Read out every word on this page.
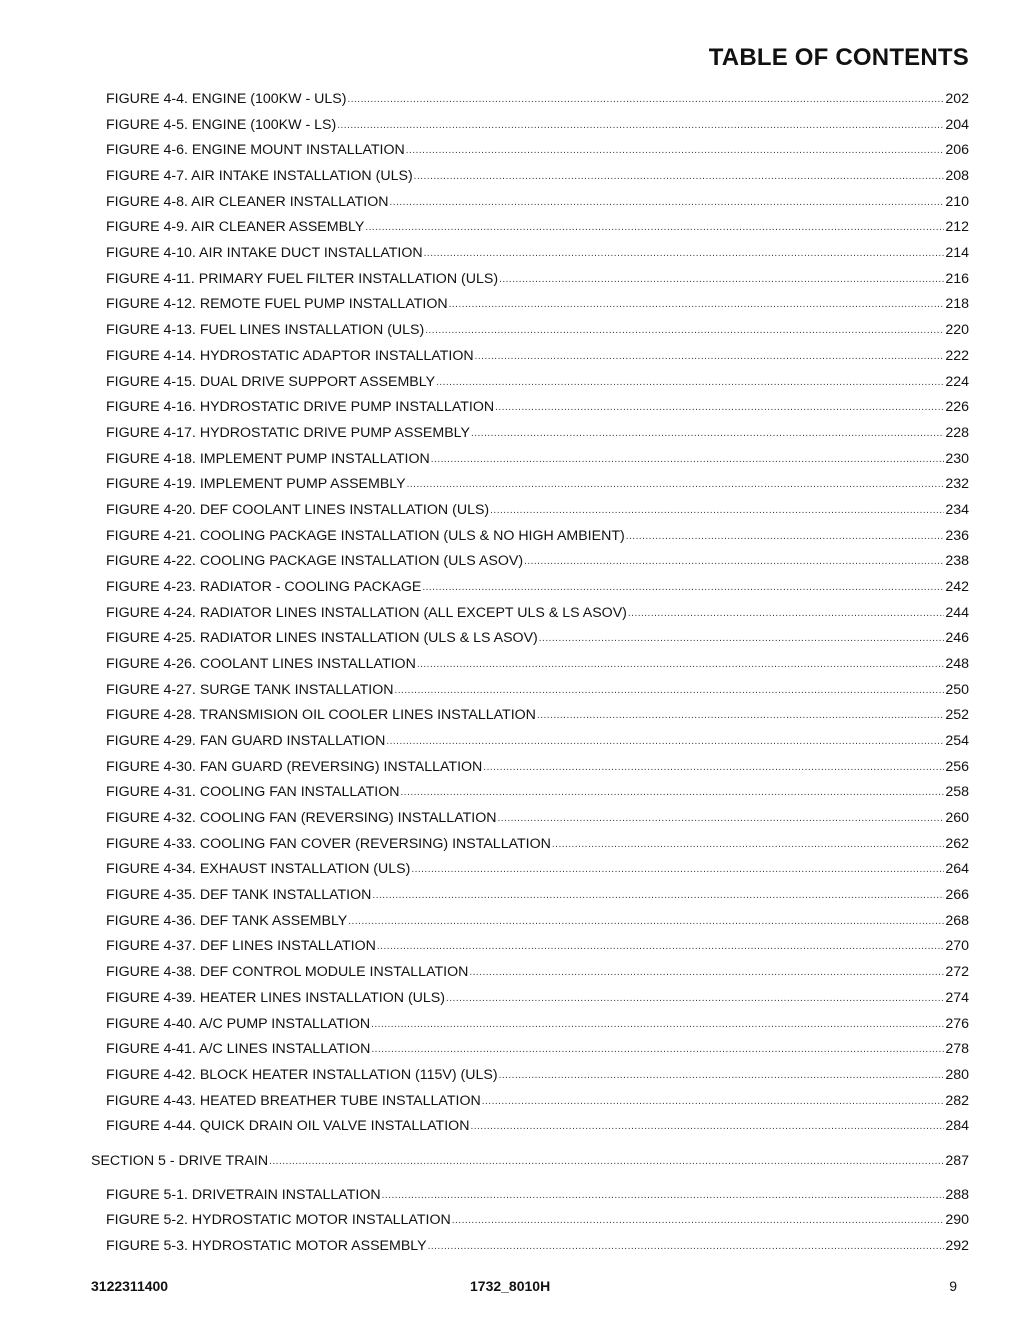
TABLE OF CONTENTS
FIGURE 4-4. ENGINE (100KW - ULS) .....	202
FIGURE 4-5. ENGINE (100KW - LS) .....	204
FIGURE 4-6. ENGINE MOUNT INSTALLATION .....	206
FIGURE 4-7. AIR INTAKE INSTALLATION (ULS) .....	208
FIGURE 4-8. AIR CLEANER INSTALLATION .....	210
FIGURE 4-9. AIR CLEANER ASSEMBLY .....	212
FIGURE 4-10. AIR INTAKE DUCT INSTALLATION .....	214
FIGURE 4-11. PRIMARY FUEL FILTER INSTALLATION (ULS) .....	216
FIGURE 4-12. REMOTE FUEL PUMP INSTALLATION .....	218
FIGURE 4-13. FUEL LINES INSTALLATION (ULS) .....	220
FIGURE 4-14. HYDROSTATIC ADAPTOR INSTALLATION .....	222
FIGURE 4-15. DUAL DRIVE SUPPORT ASSEMBLY .....	224
FIGURE 4-16. HYDROSTATIC DRIVE PUMP INSTALLATION .....	226
FIGURE 4-17. HYDROSTATIC DRIVE PUMP ASSEMBLY .....	228
FIGURE 4-18. IMPLEMENT PUMP INSTALLATION .....	230
FIGURE 4-19. IMPLEMENT PUMP ASSEMBLY .....	232
FIGURE 4-20. DEF COOLANT LINES INSTALLATION (ULS) .....	234
FIGURE 4-21. COOLING PACKAGE INSTALLATION (ULS & NO HIGH AMBIENT) .....	236
FIGURE 4-22. COOLING PACKAGE INSTALLATION (ULS ASOV) .....	238
FIGURE 4-23. RADIATOR - COOLING PACKAGE .....	242
FIGURE 4-24. RADIATOR LINES INSTALLATION (ALL EXCEPT ULS & LS ASOV) .....	244
FIGURE 4-25. RADIATOR LINES INSTALLATION (ULS & LS ASOV) .....	246
FIGURE 4-26. COOLANT LINES INSTALLATION .....	248
FIGURE 4-27. SURGE TANK INSTALLATION .....	250
FIGURE 4-28. TRANSMISION OIL COOLER LINES INSTALLATION .....	252
FIGURE 4-29. FAN GUARD INSTALLATION .....	254
FIGURE 4-30. FAN GUARD (REVERSING) INSTALLATION .....	256
FIGURE 4-31. COOLING FAN INSTALLATION .....	258
FIGURE 4-32. COOLING FAN (REVERSING) INSTALLATION .....	260
FIGURE 4-33. COOLING FAN COVER (REVERSING) INSTALLATION .....	262
FIGURE 4-34. EXHAUST INSTALLATION (ULS) .....	264
FIGURE 4-35. DEF TANK INSTALLATION .....	266
FIGURE 4-36. DEF TANK ASSEMBLY .....	268
FIGURE 4-37. DEF LINES INSTALLATION .....	270
FIGURE 4-38. DEF CONTROL MODULE INSTALLATION .....	272
FIGURE 4-39. HEATER LINES INSTALLATION (ULS) .....	274
FIGURE 4-40. A/C PUMP INSTALLATION .....	276
FIGURE 4-41. A/C LINES INSTALLATION .....	278
FIGURE 4-42. BLOCK HEATER INSTALLATION (115V) (ULS) .....	280
FIGURE 4-43. HEATED BREATHER TUBE INSTALLATION .....	282
FIGURE 4-44. QUICK DRAIN OIL VALVE INSTALLATION .....	284
SECTION 5 - DRIVE TRAIN .....	287
FIGURE 5-1. DRIVETRAIN INSTALLATION .....	288
FIGURE 5-2. HYDROSTATIC MOTOR INSTALLATION .....	290
FIGURE 5-3. HYDROSTATIC MOTOR ASSEMBLY .....	292
3122311400	1732_8010H	9
